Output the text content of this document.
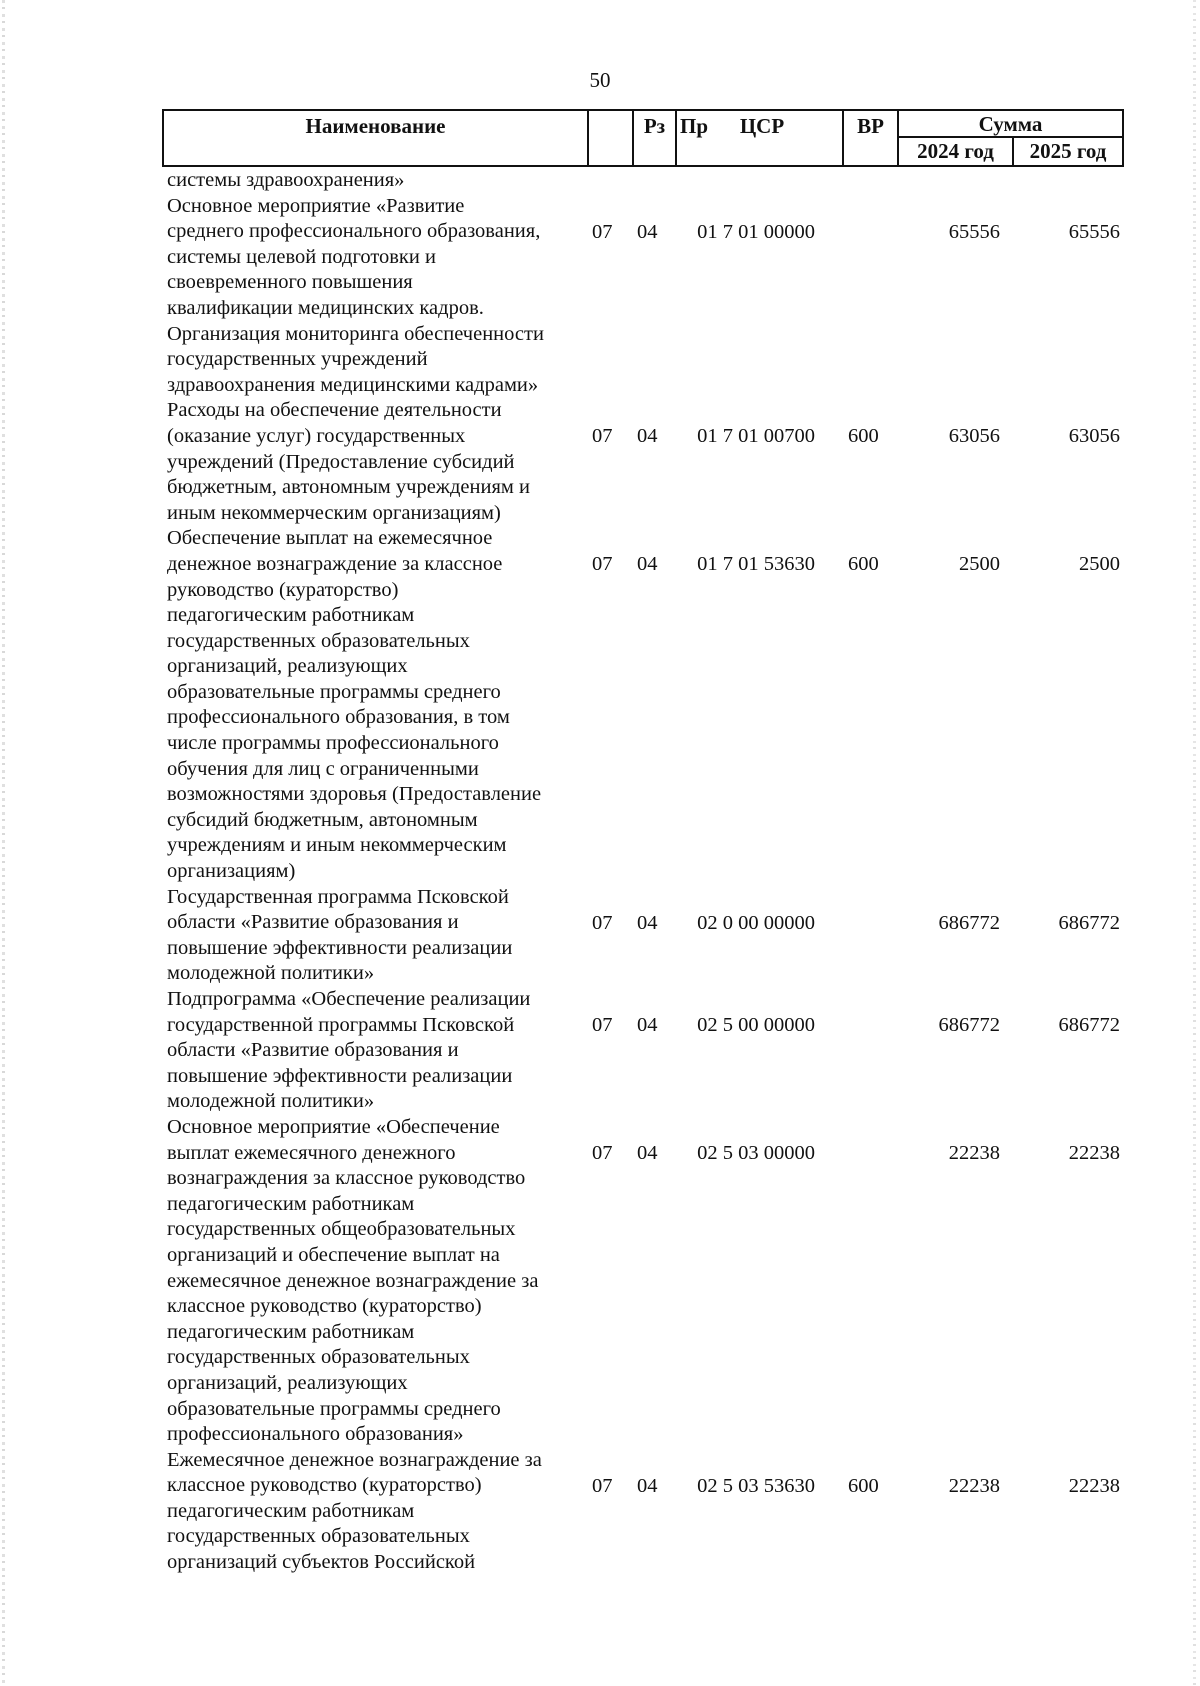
50
Наименование	Рз Пр	ЦСР	ВР	Сумма
2024 год	2025 год
системы здравоохранения»
Основное мероприятие «Развитие
среднего профессионального образования,
системы целевой подготовки и
своевременного повышения
квалификации медицинских кадров.
Организация мониторинга обеспеченности
государственных учреждений
здравоохранения медицинскими кадрами»
07 04 01 7 01 00000	65556	65556
Расходы на обеспечение деятельности
(оказание услуг) государственных
учреждений (Предоставление субсидий
бюджетным, автономным учреждениям и
иным некоммерческим организациям)
07 04 01 7 01 00700 600	63056	63056
Обеспечение выплат на ежемесячное
денежное вознаграждение за классное
руководство (кураторство)
педагогическим работникам
государственных образовательных
организаций, реализующих
образовательные программы среднего
профессионального образования, в том
числе программы профессионального
обучения для лиц с ограниченными
возможностями здоровья (Предоставление
субсидий бюджетным, автономным
учреждениям и иным некоммерческим
организациям)
07 04 01 7 01 53630 600	2500	2500
Государственная программа Псковской
области «Развитие образования и
повышение эффективности реализации
молодежной политики»
07 04 02 0 00 00000	686772	686772
Подпрограмма «Обеспечение реализации
государственной программы Псковской
области «Развитие образования и
повышение эффективности реализации
молодежной политики»
07 04 02 5 00 00000	686772	686772
Основное мероприятие «Обеспечение
выплат ежемесячного денежного
вознаграждения за классное руководство
педагогическим работникам
государственных общеобразовательных
организаций и обеспечение выплат на
ежемесячное денежное вознаграждение за
классное руководство (кураторство)
педагогическим работникам
государственных образовательных
организаций, реализующих
образовательные программы среднего
профессионального образования»
07 04 02 5 03 00000	22238	22238
Ежемесячное денежное вознаграждение за
классное руководство (кураторство)
педагогическим работникам
государственных образовательных
организаций субъектов Российской
07 04 02 5 03 53630 600	22238	22238
